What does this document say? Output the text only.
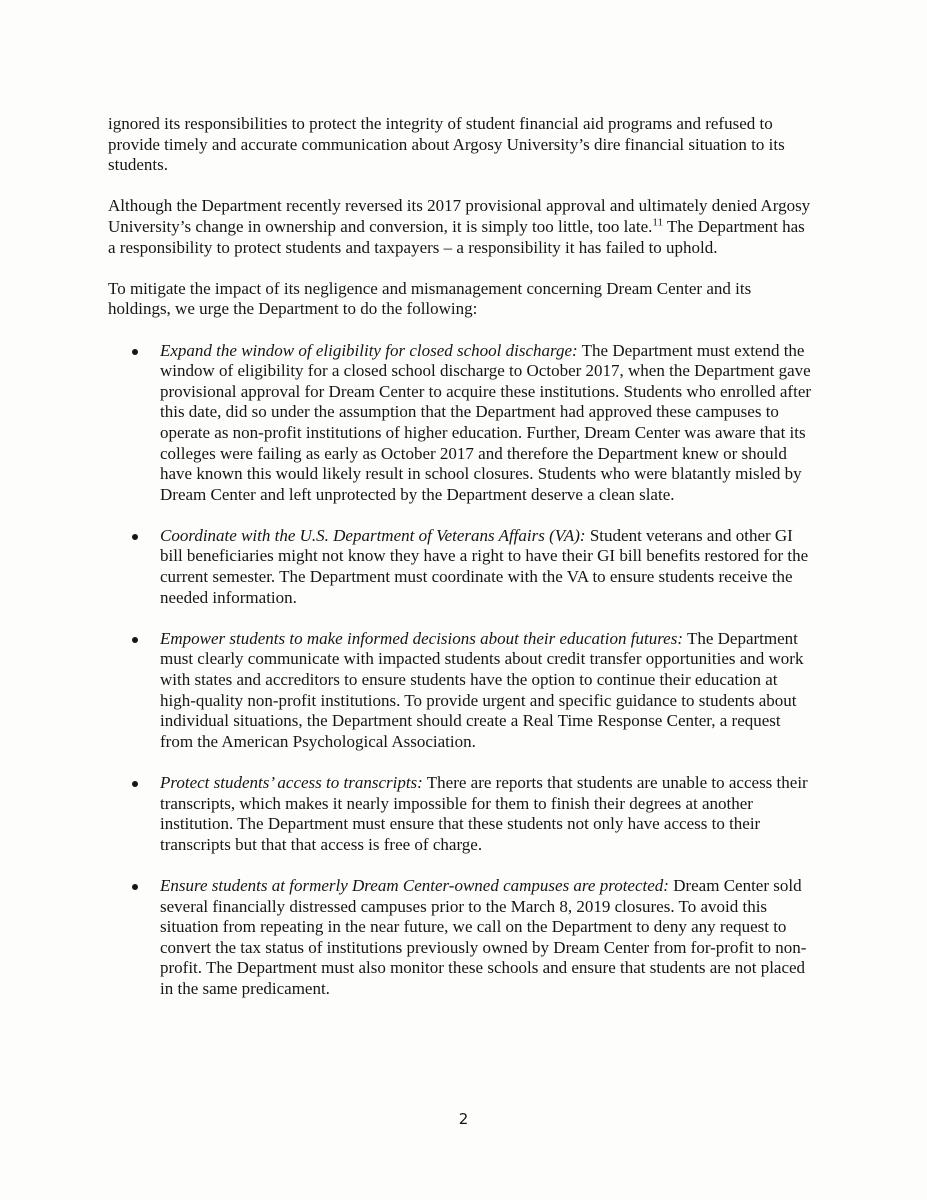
ignored its responsibilities to protect the integrity of student financial aid programs and refused to provide timely and accurate communication about Argosy University’s dire financial situation to its students.

Although the Department recently reversed its 2017 provisional approval and ultimately denied Argosy University’s change in ownership and conversion, it is simply too little, too late.$^{11}$ The Department has a responsibility to protect students and taxpayers – a responsibility it has failed to uphold.

To mitigate the impact of its negligence and mismanagement concerning Dream Center and its holdings, we urge the Department to do the following:

Expand the window of eligibility for closed school discharge: The Department must extend the window of eligibility for a closed school discharge to October 2017, when the Department gave provisional approval for Dream Center to acquire these institutions. Students who enrolled after this date, did so under the assumption that the Department had approved these campuses to operate as non-profit institutions of higher education. Further, Dream Center was aware that its colleges were failing as early as October 2017 and therefore the Department knew or should have known this would likely result in school closures. Students who were blatantly misled by Dream Center and left unprotected by the Department deserve a clean slate.
Coordinate with the U.S. Department of Veterans Affairs (VA): Student veterans and other GI bill beneficiaries might not know they have a right to have their GI bill benefits restored for the current semester. The Department must coordinate with the VA to ensure students receive the needed information.
Empower students to make informed decisions about their education futures: The Department must clearly communicate with impacted students about credit transfer opportunities and work with states and accreditors to ensure students have the option to continue their education at high-quality non-profit institutions. To provide urgent and specific guidance to students about individual situations, the Department should create a Real Time Response Center, a request from the American Psychological Association.
Protect students’ access to transcripts: There are reports that students are unable to access their transcripts, which makes it nearly impossible for them to finish their degrees at another institution. The Department must ensure that these students not only have access to their transcripts but that that access is free of charge.
Ensure students at formerly Dream Center-owned campuses are protected: Dream Center sold several financially distressed campuses prior to the March 8, 2019 closures. To avoid this situation from repeating in the near future, we call on the Department to deny any request to convert the tax status of institutions previously owned by Dream Center from for-profit to non-profit. The Department must also monitor these schools and ensure that students are not placed in the same predicament.
2
